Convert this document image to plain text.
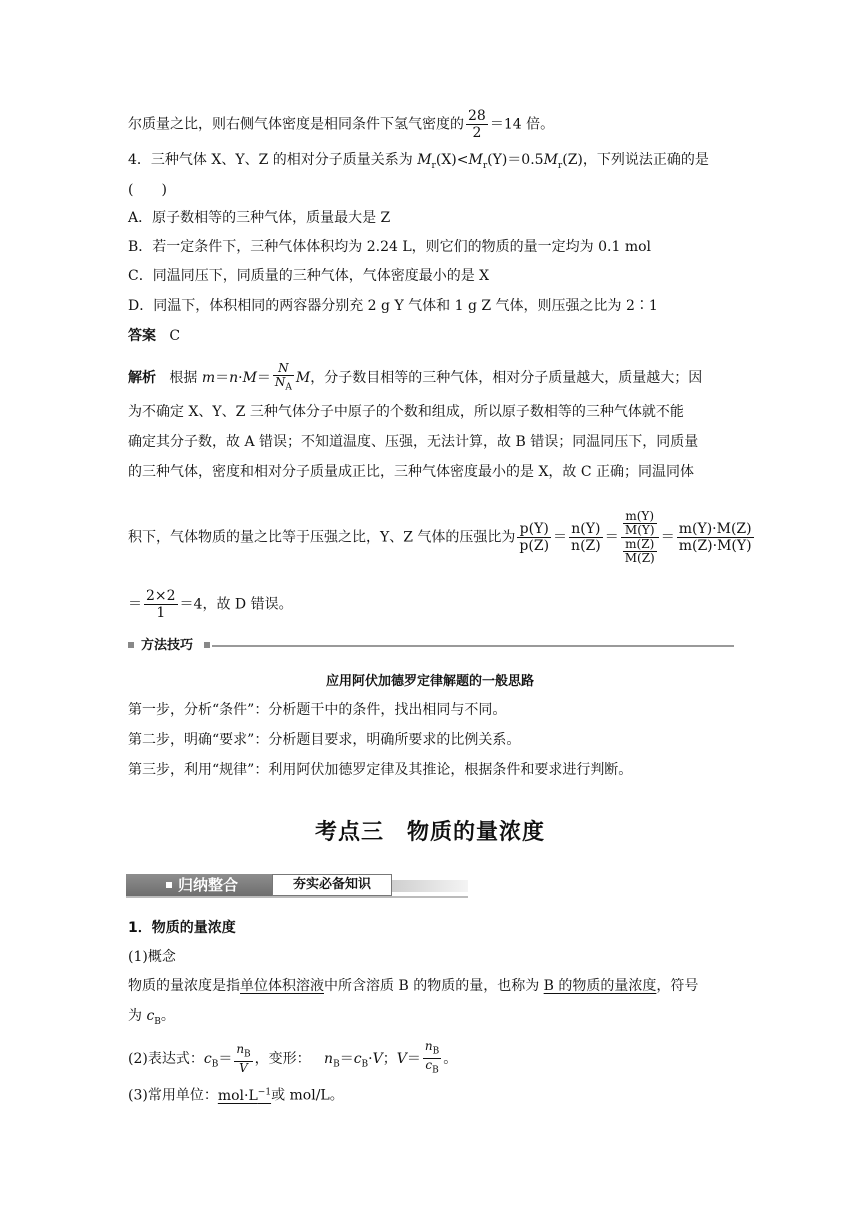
尔质量之比，则右侧气体密度是相同条件下氢气密度的 $\frac{28}{2} =14$ 倍。
4．三种气体 X、Y、Z 的相对分子质量关系为 $M_r(X)<M_r(Y)=0.5M_r(Z)$，下列说法正确的是
(　　)
A．原子数相等的三种气体，质量最大是 Z
B．若一定条件下，三种气体体积均为 2.24 L，则它们的物质的量一定均为 0.1 mol
C．同温同压下，同质量的三种气体，气体密度最小的是 X
D．同温下，体积相同的两容器分别充 2 g Y 气体和 1 g Z 气体，则压强之比为 2∶1
答案 C
解析 根据 $m=n\cdot M= \frac{N}{N_A}$ M，分子数目相等的三种气体，相对分子质量越大，质量越大；因
为不确定 X、Y、Z 三种气体分子中原子的个数和组成，所以原子数相等的三种气体就不能
确定其分子数，故 A 错误；不知道温度、压强，无法计算，故 B 错误；同温同压下，同质量
的三种气体，密度和相对分子质量成正比，三种气体密度最小的是 X，故 C 正确；同温同体
积下，气体物质的量之比等于压强之比，Y、Z 气体的压强比为 $\frac{p(Y)}{p(Z)} = \frac{n(Y)}{n(Z)} = \frac{\frac{m(Y)}{M(Y)}}{\frac{m(Z)}{M(Z)}} = \frac{m(Y)\cdot M(Z)}{m(Z)\cdot M(Y)}$
＝ $\frac{2\times 2}{1} =4$，故 D 错误。
方法技巧
应用阿伏加德罗定律解题的一般思路
第一步，分析“条件”：分析题干中的条件，找出相同与不同。
第二步，明确“要求”：分析题目要求，明确所要求的比例关系。
第三步，利用“规律”：利用阿伏加德罗定律及其推论，根据条件和要求进行判断。
考点三　物质的量浓度
归纳整合	夯实必备知识
1．物质的量浓度
(1)概念
物质的量浓度是指单位体积溶液中所含溶质 B 的物质的量，也称为 B 的物质的量浓度，符号
为 $c_B$。
(2)表达式：$c_B= \frac{n_B}{V}$ ，变形： $n_B=c_B\cdot V$；$V= \frac{n_B}{c_B}$ 。
(3)常用单位：$mol\cdot L^{-1}$或 mol/L。
